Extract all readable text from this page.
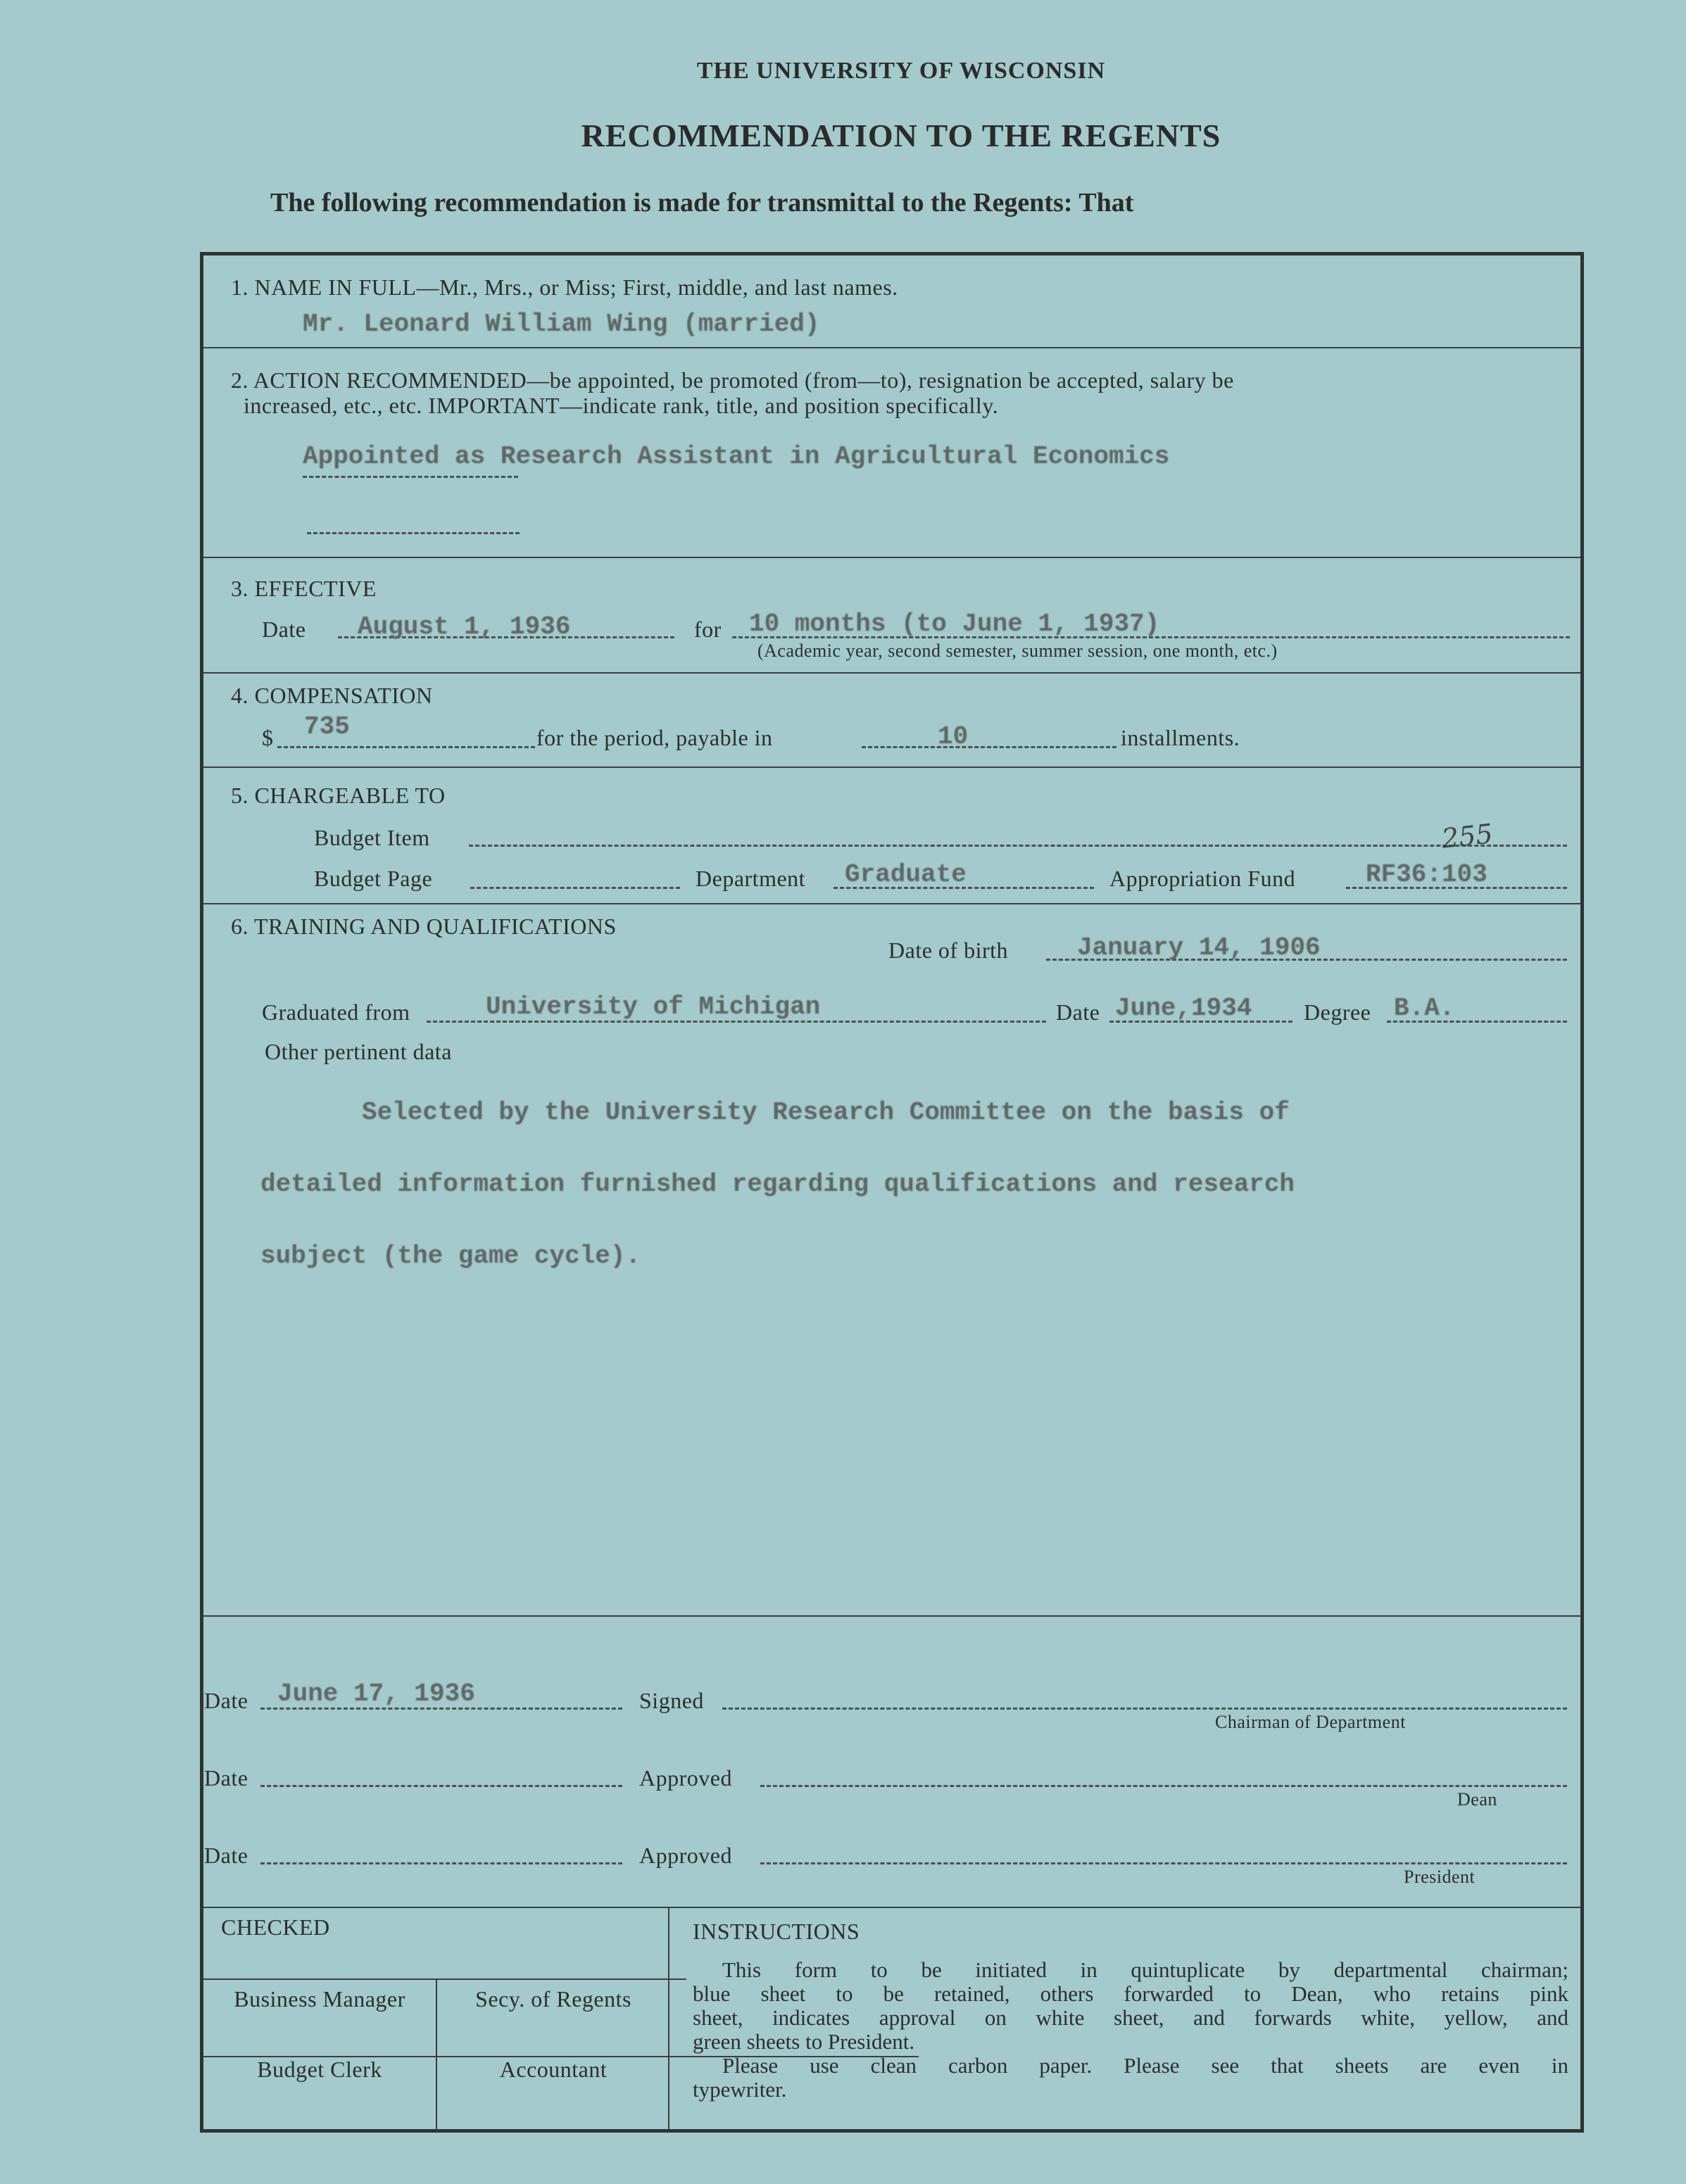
THE UNIVERSITY OF WISCONSIN
RECOMMENDATION TO THE REGENTS
The following recommendation is made for transmittal to the Regents: That
1. NAME IN FULL—Mr., Mrs., or Miss; First, middle, and last names.
Mr. Leonard William Wing (married)
2. ACTION RECOMMENDED—be appointed, be promoted (from—to), resignation be accepted, salary be
increased, etc., etc. IMPORTANT—indicate rank, title, and position specifically.
Appointed as Research Assistant in Agricultural Economics
3. EFFECTIVE
Date August 1, 1936	for 10 months (to June 1, 1937)
(Academic year, second semester, summer session, one month, etc.)
4. COMPENSATION
$ 735	for the period, payable in	10	installments.
5. CHARGEABLE TO
Budget Item	255
Budget Page	Department Graduate	Appropriation Fund	RF36:103
6. TRAINING AND QUALIFICATIONS
Date of birth	January 14, 1906
Graduated from	University of Michigan	Date June,1934 Degree B.A.
Other pertinent data
Selected by the University Research Committee on the basis of
detailed information furnished regarding qualifications and research
subject (the game cycle).
Date June 17, 1936	Signed
Chairman of Department
Date	Approved
Dean
Date	Approved
President
CHECKED
Business Manager	Secy. of Regents
Budget Clerk	Accountant
INSTRUCTIONS
This form to be initiated in quintuplicate by departmental chairman;
blue sheet to be retained, others forwarded to Dean, who retains pink
sheet, indicates approval on white sheet, and forwards white, yellow, and
green sheets to President.
Please use clean carbon paper. Please see that sheets are even in
typewriter.
